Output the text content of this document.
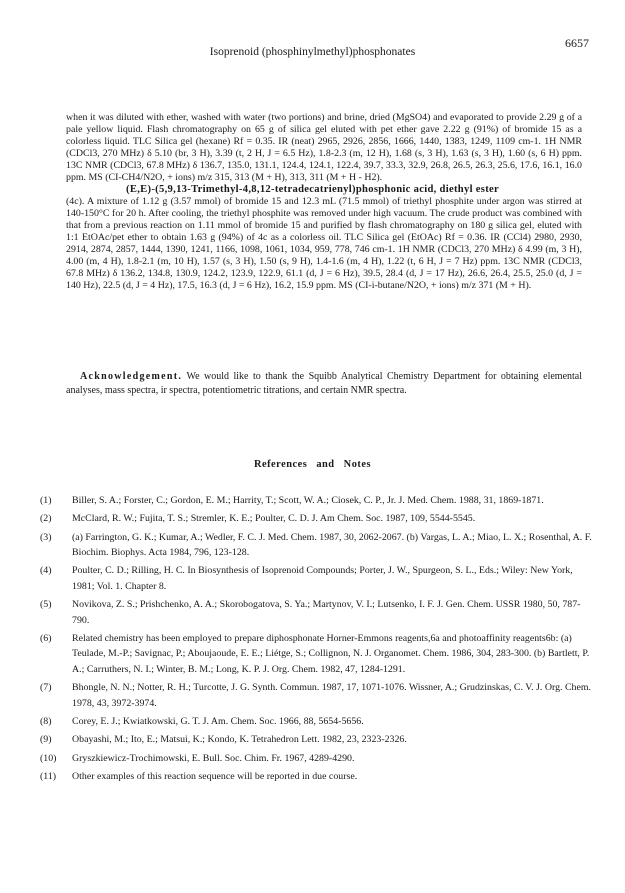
Isoprenoid (phosphinylmethyl)phosphonates
6657

when it was diluted with ether, washed with water (two portions) and brine, dried (MgSO4) and evaporated to provide 2.29 g of a pale yellow liquid. Flash chromatography on 65 g of silica gel eluted with pet ether gave 2.22 g (91%) of bromide 15 as a colorless liquid. TLC Silica gel (hexane) Rf = 0.35. IR (neat) 2965, 2926, 2856, 1666, 1440, 1383, 1249, 1109 cm-1. 1H NMR (CDCl3, 270 MHz) δ 5.10 (br, 3 H), 3.39 (t, 2 H, J = 6.5 Hz), 1.8-2.3 (m, 12 H), 1.68 (s, 3 H), 1.63 (s, 3 H), 1.60 (s, 6 H) ppm. 13C NMR (CDCl3, 67.8 MHz) δ 136.7, 135.0, 131.1, 124.4, 124.1, 122.4, 39.7, 33.3, 32.9, 26.8, 26.5, 26.3, 25.6, 17.6, 16.1, 16.0 ppm. MS (CI-CH4/N2O, + ions) m/z 315, 313 (M + H), 313, 311 (M + H - H2).

(E,E)-(5,9,13-Trimethyl-4,8,12-tetradecatrienyl)phosphonic acid, diethyl ester
(4c). A mixture of 1.12 g (3.57 mmol) of bromide 15 and 12.3 mL (71.5 mmol) of triethyl phosphite under argon was stirred at 140-150°C for 20 h. After cooling, the triethyl phosphite was removed under high vacuum. The crude product was combined with that from a previous reaction on 1.11 mmol of bromide 15 and purified by flash chromatography on 180 g silica gel, eluted with 1:1 EtOAc/pet ether to obtain 1.63 g (94%) of 4c as a colorless oil. TLC Silica gel (EtOAc) Rf = 0.36. IR (CCl4) 2980, 2930, 2914, 2874, 2857, 1444, 1390, 1241, 1166, 1098, 1061, 1034, 959, 778, 746 cm-1. 1H NMR (CDCl3, 270 MHz) δ 4.99 (m, 3 H), 4.00 (m, 4 H), 1.8-2.1 (m, 10 H), 1.57 (s, 3 H), 1.50 (s, 9 H), 1.4-1.6 (m, 4 H), 1.22 (t, 6 H, J = 7 Hz) ppm. 13C NMR (CDCl3, 67.8 MHz) δ 136.2, 134.8, 130.9, 124.2, 123.9, 122.9, 61.1 (d, J = 6 Hz), 39.5, 28.4 (d, J = 17 Hz), 26.6, 26.4, 25.5, 25.0 (d, J = 140 Hz), 22.5 (d, J = 4 Hz), 17.5, 16.3 (d, J = 6 Hz), 16.2, 15.9 ppm. MS (CI-i-butane/N2O, + ions) m/z 371 (M + H).

Acknowledgement. We would like to thank the Squibb Analytical Chemistry Department for obtaining elemental analyses, mass spectra, ir spectra, potentiometric titrations, and certain NMR spectra.
References and Notes
(1) Biller, S. A.; Forster, C.; Gordon, E. M.; Harrity, T.; Scott, W. A.; Ciosek, C. P., Jr. J. Med. Chem. 1988, 31, 1869-1871.
(2) McClard, R. W.; Fujita, T. S.; Stremler, K. E.; Poulter, C. D. J. Am Chem. Soc. 1987, 109, 5544-5545.
(3) (a) Farrington, G. K.; Kumar, A.; Wedler, F. C. J. Med. Chem. 1987, 30, 2062-2067. (b) Vargas, L. A.; Miao, L. X.; Rosenthal, A. F. Biochim. Biophys. Acta 1984, 796, 123-128.
(4) Poulter, C. D.; Rilling, H. C. In Biosynthesis of Isoprenoid Compounds; Porter, J. W., Spurgeon, S. L., Eds.; Wiley: New York, 1981; Vol. 1. Chapter 8.
(5) Novikova, Z. S.; Prishchenko, A. A.; Skorobogatova, S. Ya.; Martynov, V. I.; Lutsenko, I. F. J. Gen. Chem. USSR 1980, 50, 787-790.
(6) Related chemistry has been employed to prepare diphosphonate Horner-Emmons reagents,6a and photoaffinity reagents6b: (a) Teulade, M.-P.; Savignac, P.; Aboujaoude, E. E.; Liétge, S.; Collignon, N. J. Organomet. Chem. 1986, 304, 283-300. (b) Bartlett, P. A.; Carruthers, N. I.; Winter, B. M.; Long, K. P. J. Org. Chem. 1982, 47, 1284-1291.
(7) Bhongle, N. N.; Notter, R. H.; Turcotte, J. G. Synth. Commun. 1987, 17, 1071-1076. Wissner, A.; Grudzinskas, C. V. J. Org. Chem. 1978, 43, 3972-3974.
(8) Corey, E. J.; Kwiatkowski, G. T. J. Am. Chem. Soc. 1966, 88, 5654-5656.
(9) Obayashi, M.; Ito, E.; Matsui, K.; Kondo, K. Tetrahedron Lett. 1982, 23, 2323-2326.
(10) Gryszkiewicz-Trochimowski, E. Bull. Soc. Chim. Fr. 1967, 4289-4290.
(11) Other examples of this reaction sequence will be reported in due course.
